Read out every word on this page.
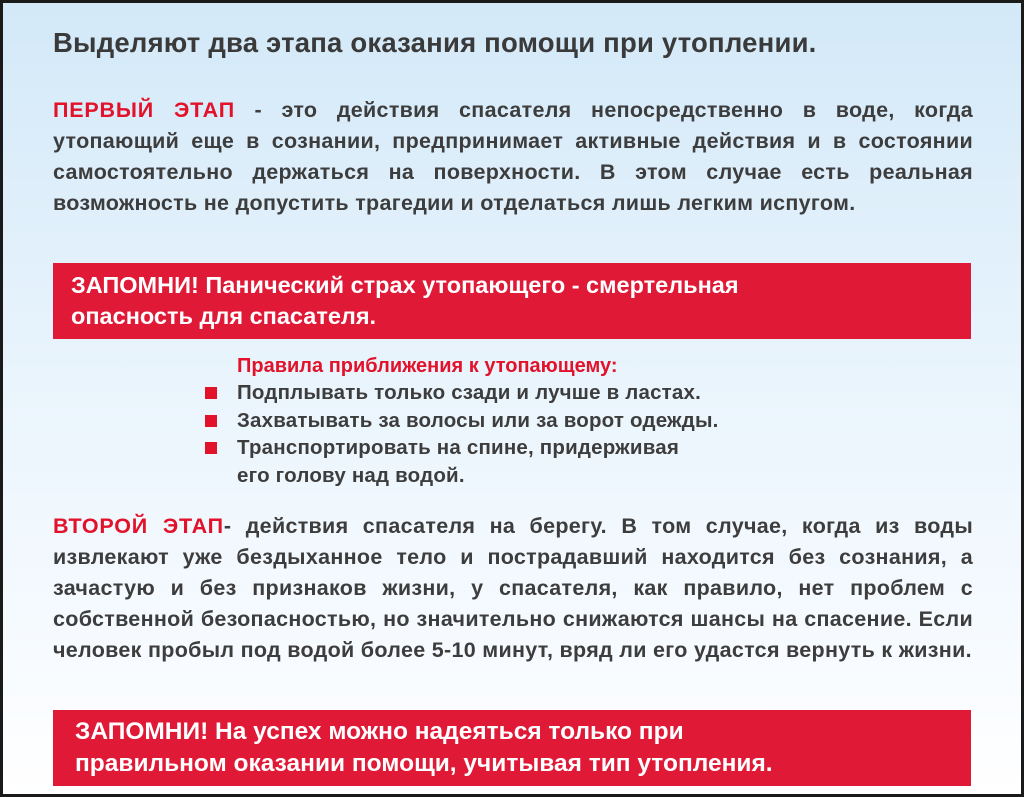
Выделяют два этапа оказания помощи при утоплении.
ПЕРВЫЙ ЭТАП - это действия спасателя непосредственно в воде, когда утопающий еще в сознании, предпринимает активные действия и в состоянии самостоятельно держаться на поверхности. В этом случае есть реальная возможность не допустить трагедии и отделаться лишь легким испугом.
ЗАПОМНИ! Панический страх утопающего - смертельная
опасность для спасателя.
Правила приближения к утопающему:
Подплывать только сзади и лучше в ластах.
Захватывать за волосы или за ворот одежды.
Транспортировать на спине, придерживая
его голову над водой.
ВТОРОЙ ЭТАП- действия спасателя на берегу. В том случае, когда из воды извлекают уже бездыханное тело и пострадавший находится без сознания, а зачастую и без признаков жизни, у спасателя, как правило, нет проблем с собственной безопасностью, но значительно снижаются шансы на спасение. Если человек пробыл под водой более 5-10 минут, вряд ли его удастся вернуть к жизни.
ЗАПОМНИ! На успех можно надеяться только при
правильном оказании помощи, учитывая тип утопления.
